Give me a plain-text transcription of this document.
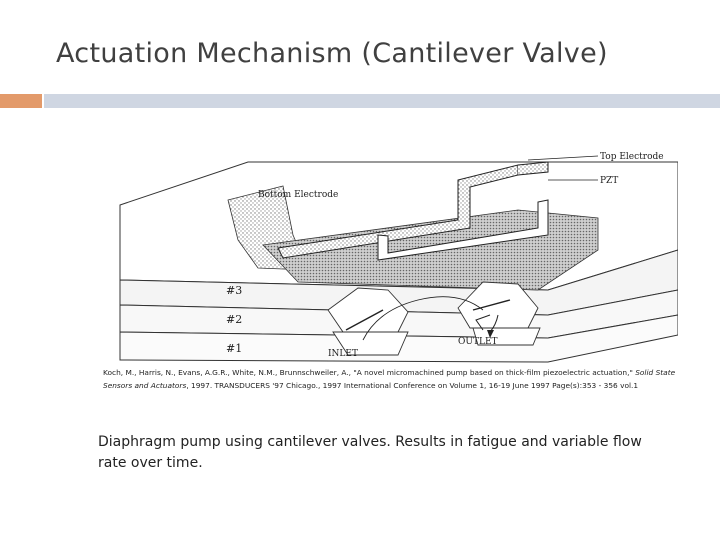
Actuation Mechanism (Cantilever Valve)
Top Electrode
PZT
Bottom Electrode
#3
#2
#1	INLET
OUTLET
Koch, M., Harris, N., Evans, A.G.R., White, N.M., Brunnschweiler, A., "A novel micromachined pump based on thick-film piezoelectric actuation," Solid State Sensors and Actuators, 1997. TRANSDUCERS '97 Chicago., 1997 International Conference on Volume 1, 16-19 June 1997 Page(s):353 - 356 vol.1
Diaphragm pump using cantilever valves. Results in fatigue and variable flow rate over time.
